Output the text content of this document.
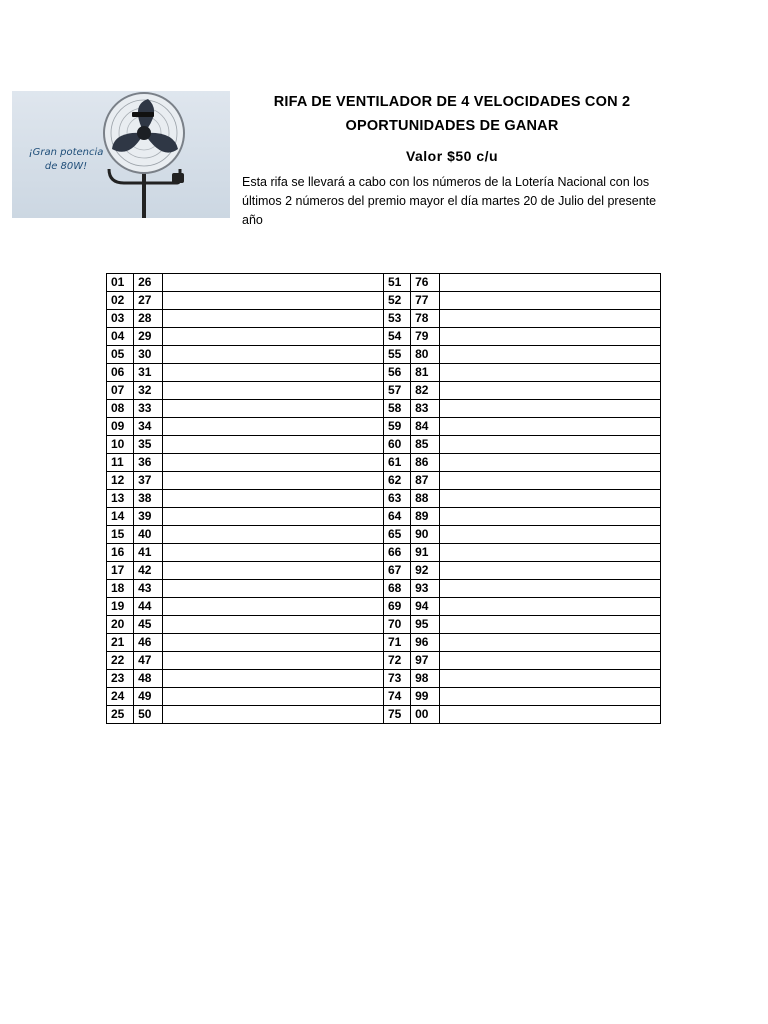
¡Gran potencia
de 80W!

RIFA DE VENTILADOR DE 4 VELOCIDADES CON 2
OPORTUNIDADES DE GANAR

Valor $50 c/u

Esta rifa se llevará a cabo con los números de la Lotería Nacional con los últimos 2 números del premio mayor el día martes 20 de Julio del presente año

01	26		51	76	
02	27		52	77	
03	28		53	78	
04	29		54	79	
05	30		55	80	
06	31		56	81	
07	32		57	82	
08	33		58	83	
09	34		59	84	
10	35		60	85	
11	36		61	86	
12	37		62	87	
13	38		63	88	
14	39		64	89	
15	40		65	90	
16	41		66	91	
17	42		67	92	
18	43		68	93	
19	44		69	94	
20	45		70	95	
21	46		71	96	
22	47		72	97	
23	48		73	98	
24	49		74	99	
25	50		75	00	
